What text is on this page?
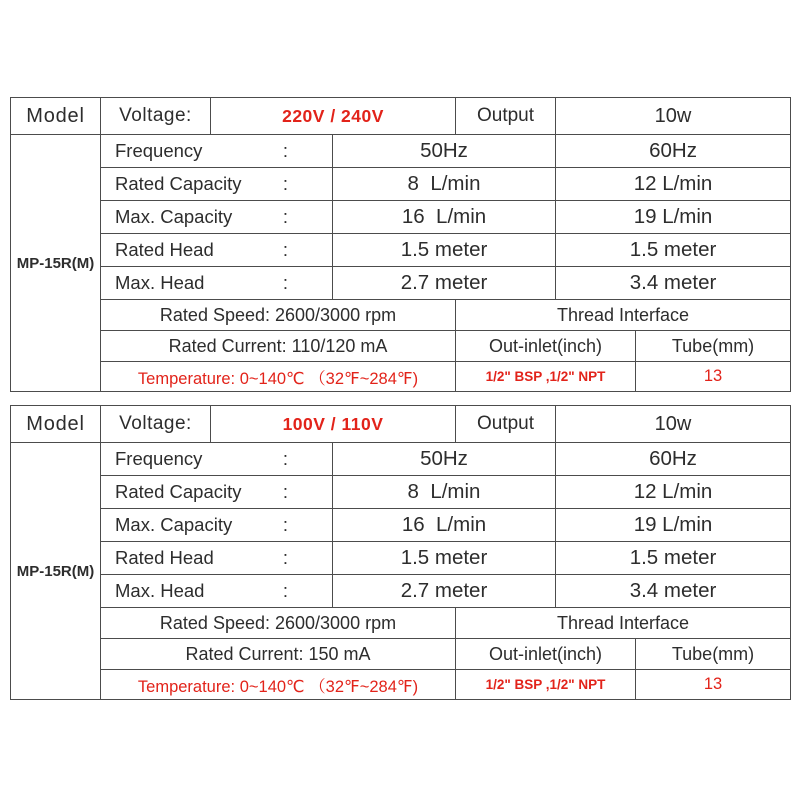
Model	Voltage:	220V / 240V		Output	10w	
MP-15R(M)	Frequency :		50Hz		60Hz	

	Rated Capacity :		8  L/min		12 L/min	

	Max. Capacity :		16  L/min		19 L/min	

	Rated Head :		1.5 meter		1.5 meter	

	Max. Head :		2.7 meter		3.4 meter	
	Rated Speed: 2600/3000 rpm			Thread Interface		
	Rated Current: 110/120 mA			Out-inlet(inch)		Tube(mm)
	Temperature: 0~140℃ （32℉~284℉)			1/2" BSP ,1/2" NPT		13
Model	Voltage:	100V / 110V		Output	10w	
MP-15R(M)	Frequency :		50Hz		60Hz	

	Rated Capacity :		8  L/min		12 L/min	

	Max. Capacity :		16  L/min		19 L/min	

	Rated Head :		1.5 meter		1.5 meter	

	Max. Head :		2.7 meter		3.4 meter	
	Rated Speed: 2600/3000 rpm			Thread Interface		
	Rated Current: 150 mA			Out-inlet(inch)		Tube(mm)
	Temperature: 0~140℃ （32℉~284℉)			1/2" BSP ,1/2" NPT		13
